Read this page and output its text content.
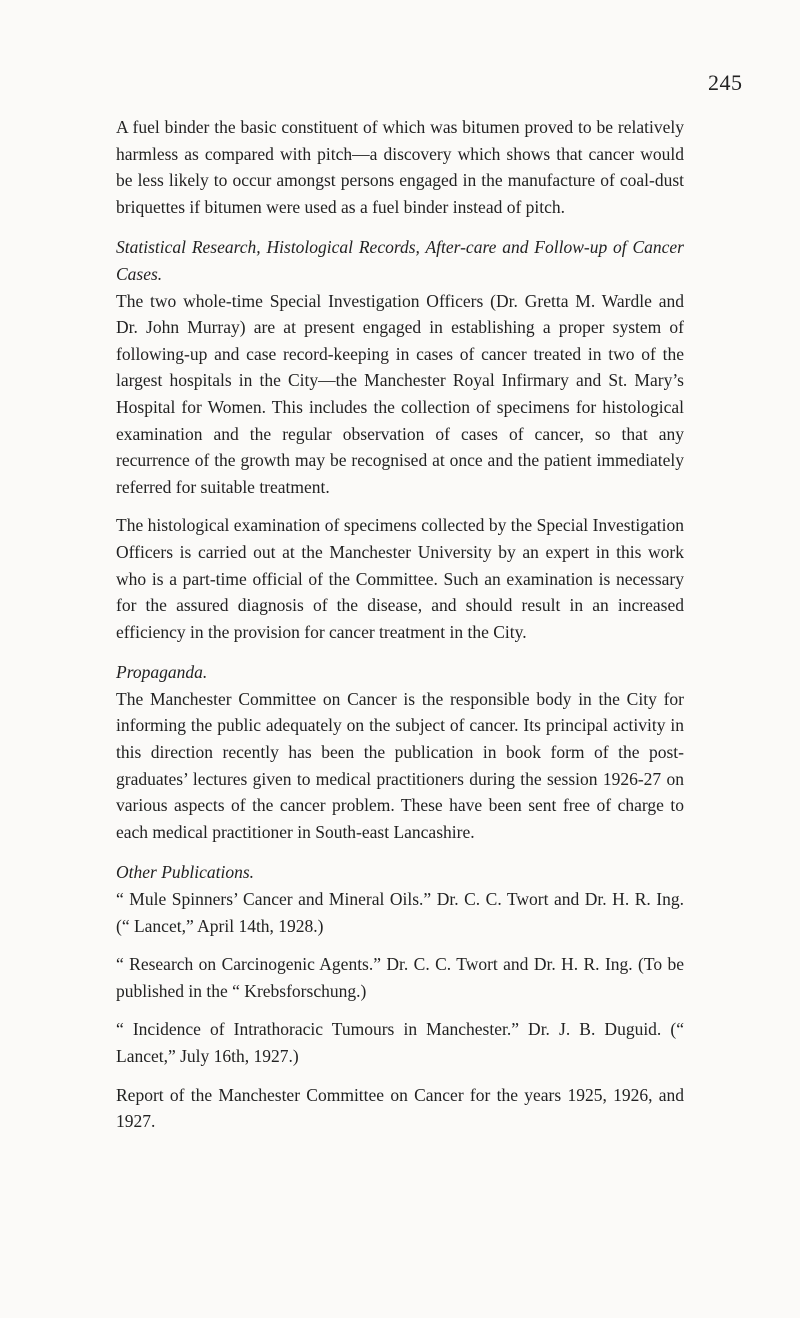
245

A fuel binder the basic constituent of which was bitumen proved to be relatively harmless as compared with pitch—a discovery which shows that cancer would be less likely to occur amongst persons engaged in the manufacture of coal-dust briquettes if bitumen were used as a fuel binder instead of pitch.

Statistical Research, Histological Records, After-care and Follow-up of Cancer Cases.

The two whole-time Special Investigation Officers (Dr. Gretta M. Wardle and Dr. John Murray) are at present engaged in establishing a proper system of following-up and case record-keeping in cases of cancer treated in two of the largest hospitals in the City—the Manchester Royal Infirmary and St. Mary’s Hospital for Women. This includes the collection of specimens for histological examination and the regular observation of cases of cancer, so that any recurrence of the growth may be recognised at once and the patient immediately referred for suitable treatment.

The histological examination of specimens collected by the Special Investigation Officers is carried out at the Manchester University by an expert in this work who is a part-time official of the Committee. Such an examination is necessary for the assured diagnosis of the disease, and should result in an increased efficiency in the provision for cancer treatment in the City.

Propaganda.

The Manchester Committee on Cancer is the responsible body in the City for informing the public adequately on the subject of cancer. Its principal activity in this direction recently has been the publication in book form of the post-graduates’ lectures given to medical practitioners during the session 1926-27 on various aspects of the cancer problem. These have been sent free of charge to each medical practitioner in South-east Lancashire.

Other Publications.

“ Mule Spinners’ Cancer and Mineral Oils.” Dr. C. C. Twort and Dr. H. R. Ing. (“ Lancet,” April 14th, 1928.)

“ Research on Carcinogenic Agents.” Dr. C. C. Twort and Dr. H. R. Ing. (To be published in the “ Krebsforschung.)

“ Incidence of Intrathoracic Tumours in Manchester.” Dr. J. B. Duguid. (“ Lancet,” July 16th, 1927.)

Report of the Manchester Committee on Cancer for the years 1925, 1926, and 1927.
